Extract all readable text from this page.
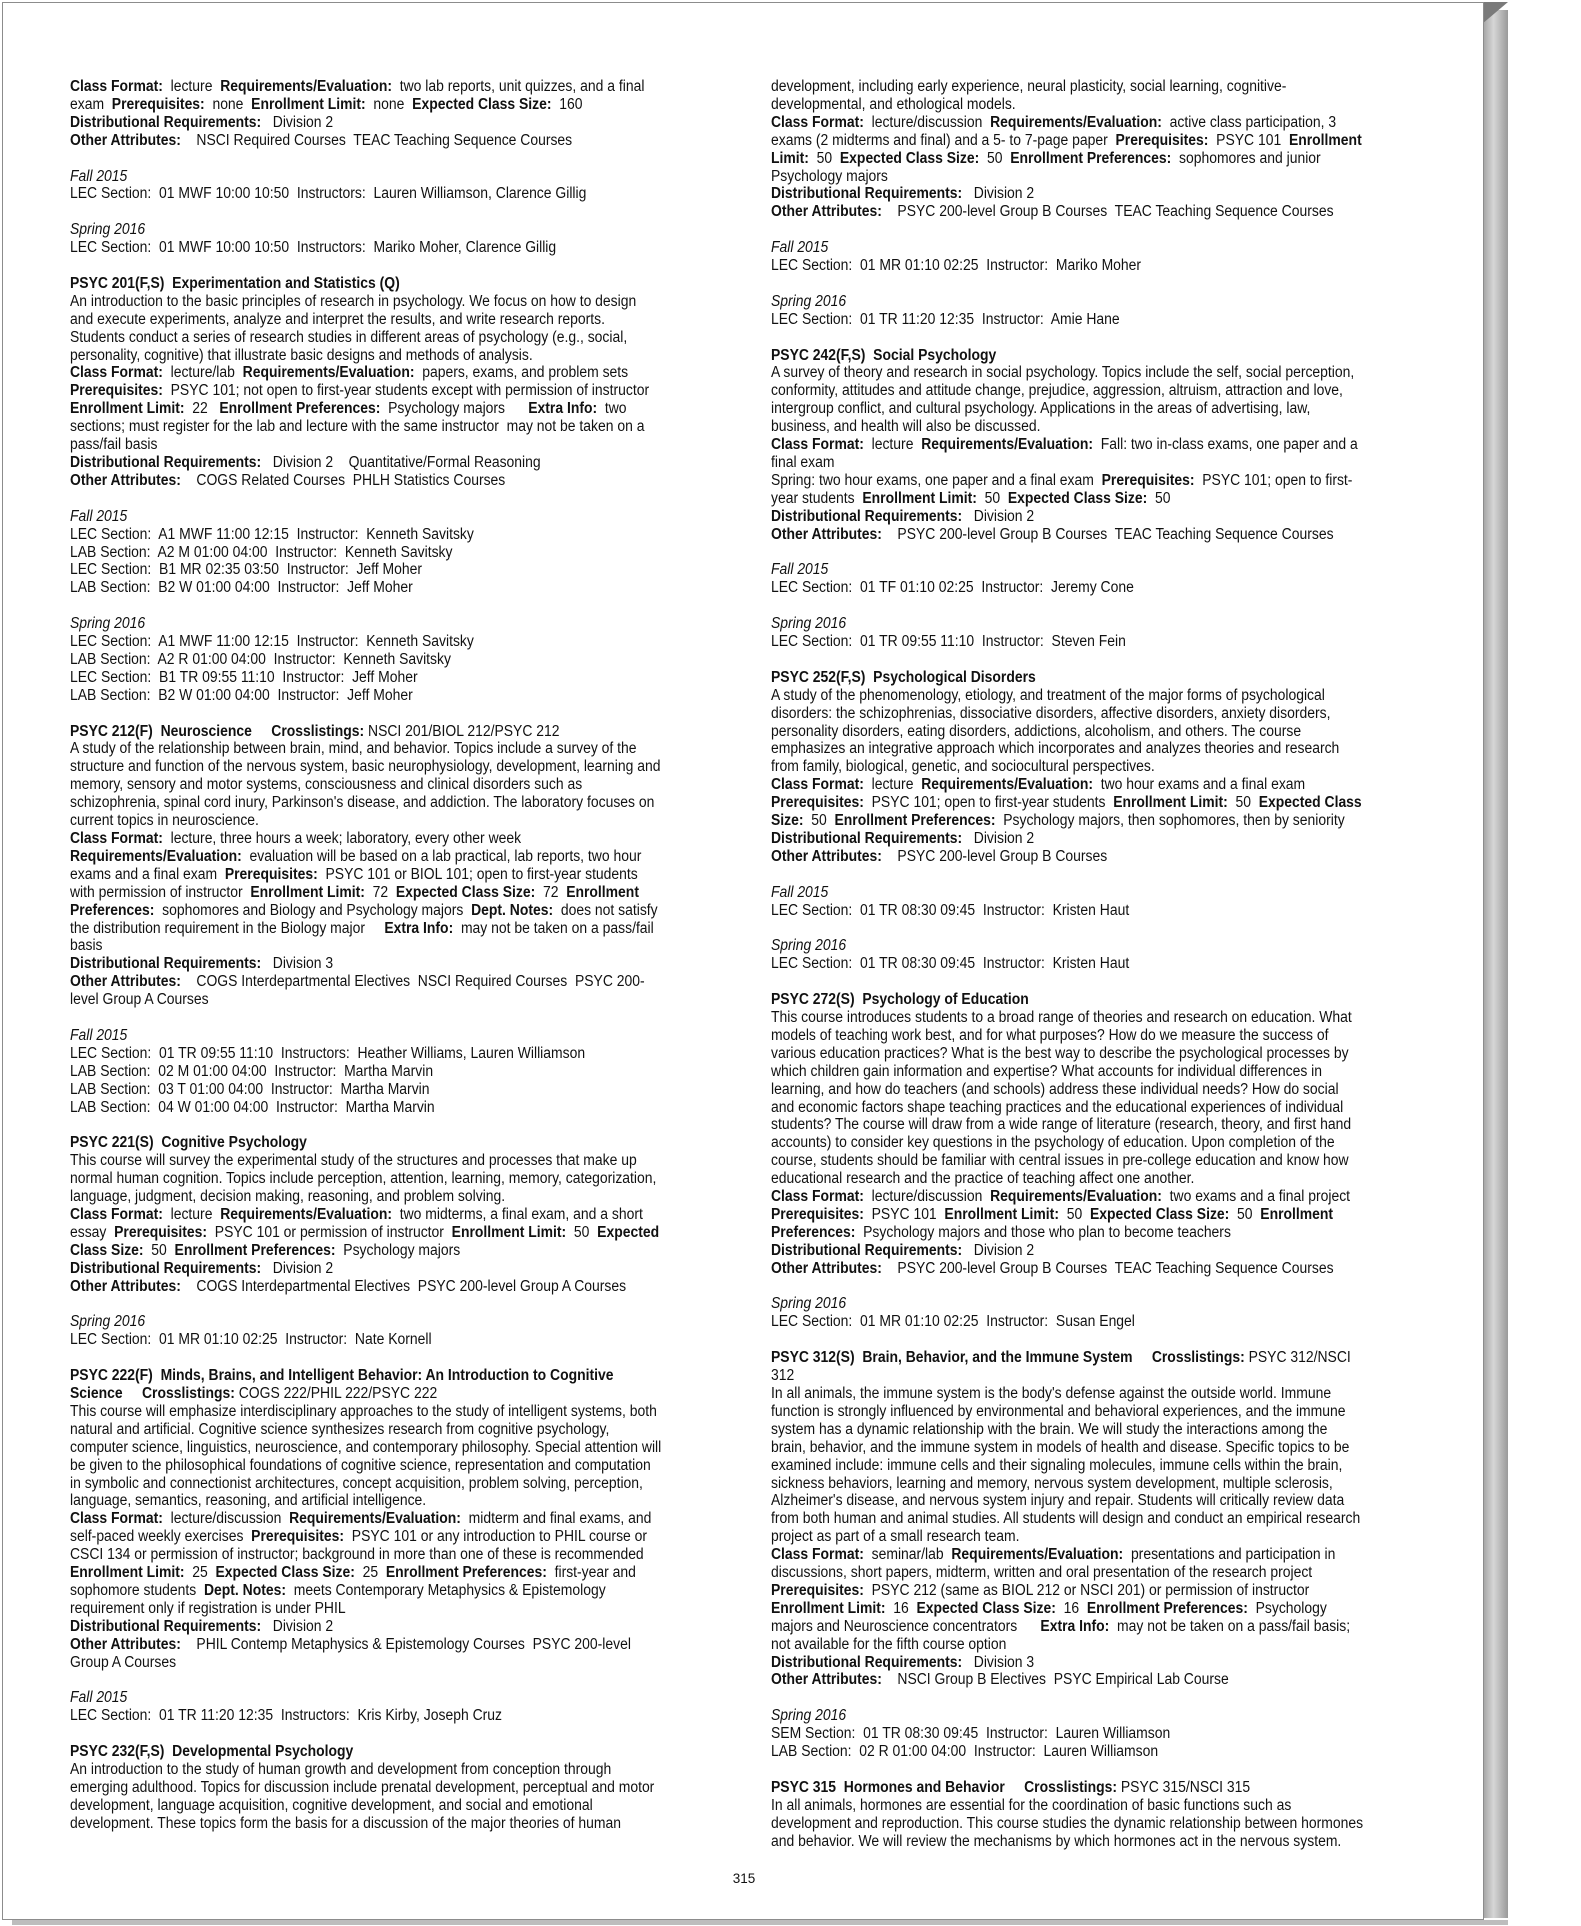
315
Class Format:  lecture  Requirements/Evaluation:  two lab reports, unit quizzes, and a final
exam  Prerequisites:  none  Enrollment Limit:  none  Expected Class Size:  160
Distributional Requirements:   Division 2
Other Attributes:    NSCI Required Courses  TEAC Teaching Sequence Courses
Fall 2015
LEC Section:  01 MWF 10:00 10:50  Instructors:  Lauren Williamson, Clarence Gillig
Spring 2016
LEC Section:  01 MWF 10:00 10:50  Instructors:  Mariko Moher, Clarence Gillig
PSYC 201(F,S)  Experimentation and Statistics (Q)
An introduction to the basic principles of research in psychology. We focus on how to design
and execute experiments, analyze and interpret the results, and write research reports.
Students conduct a series of research studies in different areas of psychology (e.g., social,
personality, cognitive) that illustrate basic designs and methods of analysis.
Class Format:  lecture/lab  Requirements/Evaluation:  papers, exams, and problem sets
Prerequisites:  PSYC 101; not open to first-year students except with permission of instructor
Enrollment Limit:  22   Enrollment Preferences:  Psychology majors      Extra Info:  two
sections; must register for the lab and lecture with the same instructor  may not be taken on a
pass/fail basis
Distributional Requirements:   Division 2    Quantitative/Formal Reasoning
Other Attributes:    COGS Related Courses  PHLH Statistics Courses
Fall 2015
LEC Section:  A1 MWF 11:00 12:15  Instructor:  Kenneth Savitsky
LAB Section:  A2 M 01:00 04:00  Instructor:  Kenneth Savitsky
LEC Section:  B1 MR 02:35 03:50  Instructor:  Jeff Moher
LAB Section:  B2 W 01:00 04:00  Instructor:  Jeff Moher
Spring 2016
LEC Section:  A1 MWF 11:00 12:15  Instructor:  Kenneth Savitsky
LAB Section:  A2 R 01:00 04:00  Instructor:  Kenneth Savitsky
LEC Section:  B1 TR 09:55 11:10  Instructor:  Jeff Moher
LAB Section:  B2 W 01:00 04:00  Instructor:  Jeff Moher
PSYC 212(F)  Neuroscience     Crosslistings: NSCI 201/BIOL 212/PSYC 212
A study of the relationship between brain, mind, and behavior. Topics include a survey of the
structure and function of the nervous system, basic neurophysiology, development, learning and
memory, sensory and motor systems, consciousness and clinical disorders such as
schizophrenia, spinal cord inury, Parkinson's disease, and addiction. The laboratory focuses on
current topics in neuroscience.
Class Format:  lecture, three hours a week; laboratory, every other week
Requirements/Evaluation:  evaluation will be based on a lab practical, lab reports, two hour
exams and a final exam  Prerequisites:  PSYC 101 or BIOL 101; open to first-year students
with permission of instructor  Enrollment Limit:  72  Expected Class Size:  72  Enrollment
Preferences:  sophomores and Biology and Psychology majors  Dept. Notes:  does not satisfy
the distribution requirement in the Biology major     Extra Info:  may not be taken on a pass/fail
basis
Distributional Requirements:   Division 3
Other Attributes:    COGS Interdepartmental Electives  NSCI Required Courses  PSYC 200-
level Group A Courses
Fall 2015
LEC Section:  01 TR 09:55 11:10  Instructors:  Heather Williams, Lauren Williamson
LAB Section:  02 M 01:00 04:00  Instructor:  Martha Marvin
LAB Section:  03 T 01:00 04:00  Instructor:  Martha Marvin
LAB Section:  04 W 01:00 04:00  Instructor:  Martha Marvin
PSYC 221(S)  Cognitive Psychology
This course will survey the experimental study of the structures and processes that make up
normal human cognition. Topics include perception, attention, learning, memory, categorization,
language, judgment, decision making, reasoning, and problem solving.
Class Format:  lecture  Requirements/Evaluation:  two midterms, a final exam, and a short
essay  Prerequisites:  PSYC 101 or permission of instructor  Enrollment Limit:  50  Expected
Class Size:  50  Enrollment Preferences:  Psychology majors
Distributional Requirements:   Division 2
Other Attributes:    COGS Interdepartmental Electives  PSYC 200-level Group A Courses
Spring 2016
LEC Section:  01 MR 01:10 02:25  Instructor:  Nate Kornell
PSYC 222(F)  Minds, Brains, and Intelligent Behavior: An Introduction to Cognitive
Science     Crosslistings: COGS 222/PHIL 222/PSYC 222
This course will emphasize interdisciplinary approaches to the study of intelligent systems, both
natural and artificial. Cognitive science synthesizes research from cognitive psychology,
computer science, linguistics, neuroscience, and contemporary philosophy. Special attention will
be given to the philosophical foundations of cognitive science, representation and computation
in symbolic and connectionist architectures, concept acquisition, problem solving, perception,
language, semantics, reasoning, and artificial intelligence.
Class Format:  lecture/discussion  Requirements/Evaluation:  midterm and final exams, and
self-paced weekly exercises  Prerequisites:  PSYC 101 or any introduction to PHIL course or
CSCI 134 or permission of instructor; background in more than one of these is recommended
Enrollment Limit:  25  Expected Class Size:  25  Enrollment Preferences:  first-year and
sophomore students  Dept. Notes:  meets Contemporary Metaphysics & Epistemology
requirement only if registration is under PHIL
Distributional Requirements:   Division 2
Other Attributes:    PHIL Contemp Metaphysics & Epistemology Courses  PSYC 200-level
Group A Courses
Fall 2015
LEC Section:  01 TR 11:20 12:35  Instructors:  Kris Kirby, Joseph Cruz
PSYC 232(F,S)  Developmental Psychology
An introduction to the study of human growth and development from conception through
emerging adulthood. Topics for discussion include prenatal development, perceptual and motor
development, language acquisition, cognitive development, and social and emotional
development. These topics form the basis for a discussion of the major theories of human
development, including early experience, neural plasticity, social learning, cognitive-
developmental, and ethological models.
Class Format:  lecture/discussion  Requirements/Evaluation:  active class participation, 3
exams (2 midterms and final) and a 5- to 7-page paper  Prerequisites:  PSYC 101  Enrollment
Limit:  50  Expected Class Size:  50  Enrollment Preferences:  sophomores and junior
Psychology majors
Distributional Requirements:   Division 2
Other Attributes:    PSYC 200-level Group B Courses  TEAC Teaching Sequence Courses
Fall 2015
LEC Section:  01 MR 01:10 02:25  Instructor:  Mariko Moher
Spring 2016
LEC Section:  01 TR 11:20 12:35  Instructor:  Amie Hane
PSYC 242(F,S)  Social Psychology
A survey of theory and research in social psychology. Topics include the self, social perception,
conformity, attitudes and attitude change, prejudice, aggression, altruism, attraction and love,
intergroup conflict, and cultural psychology. Applications in the areas of advertising, law,
business, and health will also be discussed.
Class Format:  lecture  Requirements/Evaluation:  Fall: two in-class exams, one paper and a
final exam
Spring: two hour exams, one paper and a final exam  Prerequisites:  PSYC 101; open to first-
year students  Enrollment Limit:  50  Expected Class Size:  50
Distributional Requirements:   Division 2
Other Attributes:    PSYC 200-level Group B Courses  TEAC Teaching Sequence Courses
Fall 2015
LEC Section:  01 TF 01:10 02:25  Instructor:  Jeremy Cone
Spring 2016
LEC Section:  01 TR 09:55 11:10  Instructor:  Steven Fein
PSYC 252(F,S)  Psychological Disorders
A study of the phenomenology, etiology, and treatment of the major forms of psychological
disorders: the schizophrenias, dissociative disorders, affective disorders, anxiety disorders,
personality disorders, eating disorders, addictions, alcoholism, and others. The course
emphasizes an integrative approach which incorporates and analyzes theories and research
from family, biological, genetic, and sociocultural perspectives.
Class Format:  lecture  Requirements/Evaluation:  two hour exams and a final exam
Prerequisites:  PSYC 101; open to first-year students  Enrollment Limit:  50  Expected Class
Size:  50  Enrollment Preferences:  Psychology majors, then sophomores, then by seniority
Distributional Requirements:   Division 2
Other Attributes:    PSYC 200-level Group B Courses
Fall 2015
LEC Section:  01 TR 08:30 09:45  Instructor:  Kristen Haut
Spring 2016
LEC Section:  01 TR 08:30 09:45  Instructor:  Kristen Haut
PSYC 272(S)  Psychology of Education
This course introduces students to a broad range of theories and research on education. What
models of teaching work best, and for what purposes? How do we measure the success of
various education practices? What is the best way to describe the psychological processes by
which children gain information and expertise? What accounts for individual differences in
learning, and how do teachers (and schools) address these individual needs? How do social
and economic factors shape teaching practices and the educational experiences of individual
students? The course will draw from a wide range of literature (research, theory, and first hand
accounts) to consider key questions in the psychology of education. Upon completion of the
course, students should be familiar with central issues in pre-college education and know how
educational research and the practice of teaching affect one another.
Class Format:  lecture/discussion  Requirements/Evaluation:  two exams and a final project
Prerequisites:  PSYC 101  Enrollment Limit:  50  Expected Class Size:  50  Enrollment
Preferences:  Psychology majors and those who plan to become teachers
Distributional Requirements:   Division 2
Other Attributes:    PSYC 200-level Group B Courses  TEAC Teaching Sequence Courses
Spring 2016
LEC Section:  01 MR 01:10 02:25  Instructor:  Susan Engel
PSYC 312(S)  Brain, Behavior, and the Immune System     Crosslistings: PSYC 312/NSCI
312
In all animals, the immune system is the body's defense against the outside world. Immune
function is strongly influenced by environmental and behavioral experiences, and the immune
system has a dynamic relationship with the brain. We will study the interactions among the
brain, behavior, and the immune system in models of health and disease. Specific topics to be
examined include: immune cells and their signaling molecules, immune cells within the brain,
sickness behaviors, learning and memory, nervous system development, multiple sclerosis,
Alzheimer's disease, and nervous system injury and repair. Students will critically review data
from both human and animal studies. All students will design and conduct an empirical research
project as part of a small research team.
Class Format:  seminar/lab  Requirements/Evaluation:  presentations and participation in
discussions, short papers, midterm, written and oral presentation of the research project
Prerequisites:  PSYC 212 (same as BIOL 212 or NSCI 201) or permission of instructor
Enrollment Limit:  16  Expected Class Size:  16  Enrollment Preferences:  Psychology
majors and Neuroscience concentrators      Extra Info:  may not be taken on a pass/fail basis;
not available for the fifth course option
Distributional Requirements:   Division 3
Other Attributes:    NSCI Group B Electives  PSYC Empirical Lab Course
Spring 2016
SEM Section:  01 TR 08:30 09:45  Instructor:  Lauren Williamson
LAB Section:  02 R 01:00 04:00  Instructor:  Lauren Williamson
PSYC 315  Hormones and Behavior     Crosslistings: PSYC 315/NSCI 315
In all animals, hormones are essential for the coordination of basic functions such as
development and reproduction. This course studies the dynamic relationship between hormones
and behavior. We will review the mechanisms by which hormones act in the nervous system.
